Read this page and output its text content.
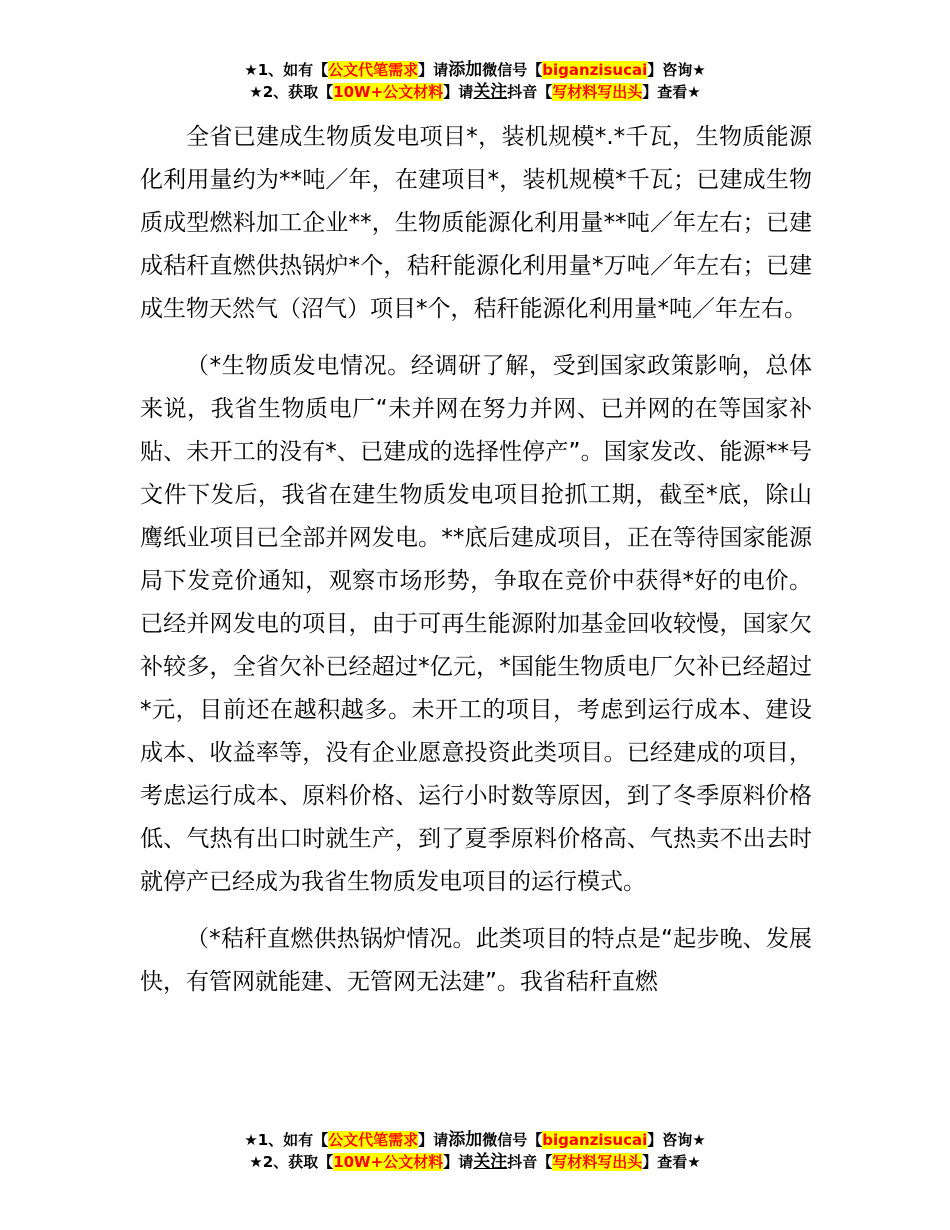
★1、如有【公文代笔需求】请添加微信号【biganzisucai】咨询★
★2、获取【10W+公文材料】请关注抖音【写材料写出头】查看★

全省已建成生物质发电项目*，装机规模*.*千瓦，生物质能源化利用量约为**吨／年，在建项目*，装机规模*千瓦；已建成生物质成型燃料加工企业**，生物质能源化利用量**吨／年左右；已建成秸秆直燃供热锅炉*个，秸秆能源化利用量*万吨／年左右；已建成生物天然气（沼气）项目*个，秸秆能源化利用量*吨／年左右。

（*生物质发电情况。经调研了解，受到国家政策影响，总体来说，我省生物质电厂“未并网在努力并网、已并网的在等国家补贴、未开工的没有*、已建成的选择性停产”。国家发改、能源**号文件下发后，我省在建生物质发电项目抢抓工期，截至*底，除山鹰纸业项目已全部并网发电。**底后建成项目，正在等待国家能源局下发竞价通知，观察市场形势，争取在竞价中获得*好的电价。已经并网发电的项目，由于可再生能源附加基金回收较慢，国家欠补较多，全省欠补已经超过*亿元，*国能生物质电厂欠补已经超过*元，目前还在越积越多。未开工的项目，考虑到运行成本、建设成本、收益率等，没有企业愿意投资此类项目。已经建成的项目，考虑运行成本、原料价格、运行小时数等原因，到了冬季原料价格低、气热有出口时就生产，到了夏季原料价格高、气热卖不出去时就停产已经成为我省生物质发电项目的运行模式。

（*秸秆直燃供热锅炉情况。此类项目的特点是“起步晚、发展快，有管网就能建、无管网无法建”。我省秸秆直燃

★1、如有【公文代笔需求】请添加微信号【biganzisucai】咨询★
★2、获取【10W+公文材料】请关注抖音【写材料写出头】查看★
